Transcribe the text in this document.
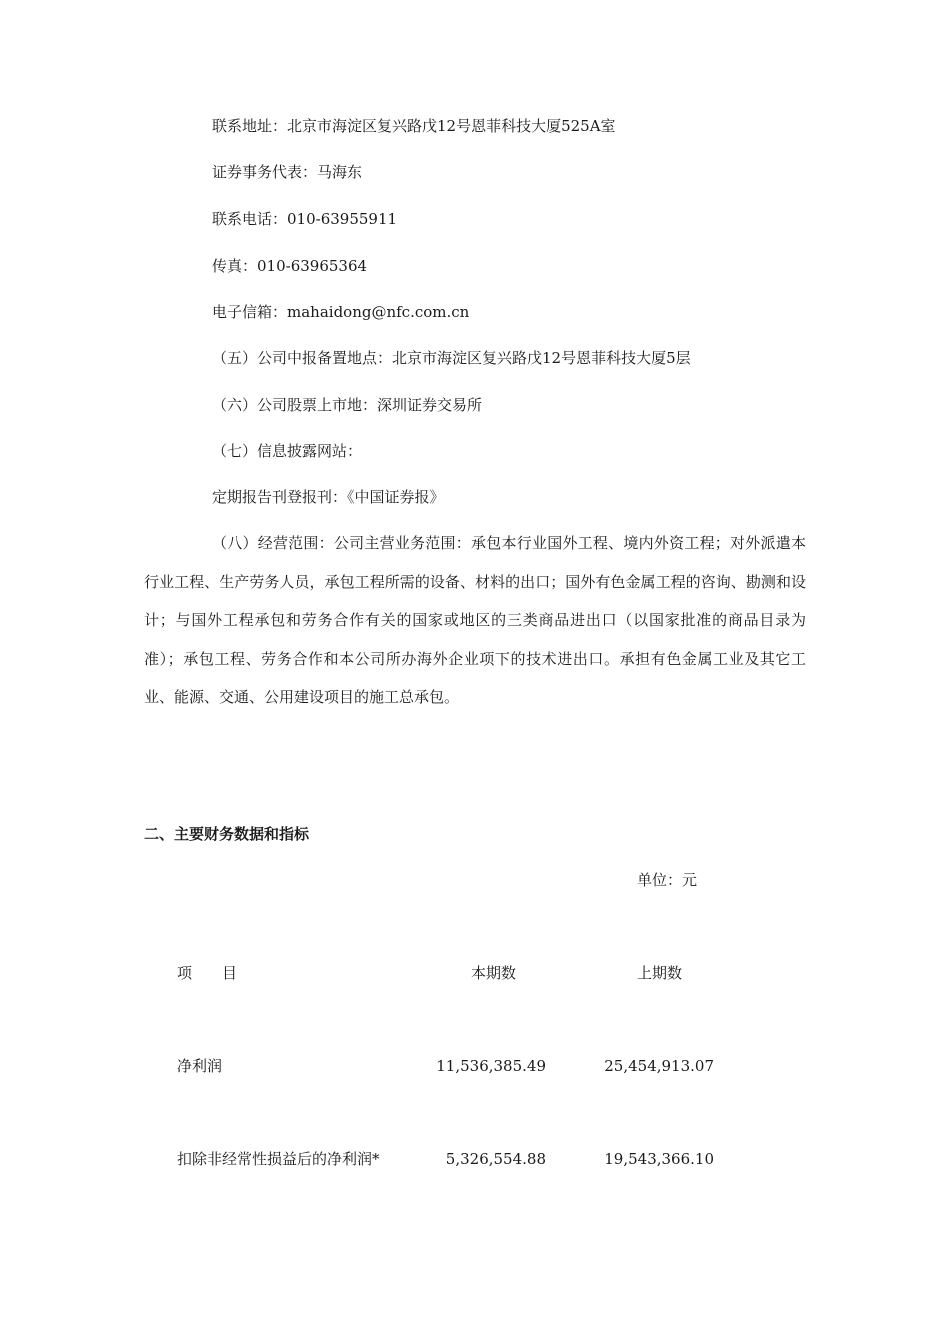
联系地址：北京市海淀区复兴路戊12号恩菲科技大厦525A室
证券事务代表：马海东
联系电话：010-63955911
传真：010-63965364
电子信箱：mahaidong@nfc.com.cn
（五）公司中报备置地点：北京市海淀区复兴路戊12号恩菲科技大厦5层
（六）公司股票上市地：深圳证券交易所
（七）信息披露网站：
定期报告刊登报刊：《中国证券报》
（八）经营范围：公司主营业务范围：承包本行业国外工程、境内外资工程；对外派遣本行业工程、生产劳务人员，承包工程所需的设备、材料的出口；国外有色金属工程的咨询、勘测和设计；与国外工程承包和劳务合作有关的国家或地区的三类商品进出口（以国家批准的商品目录为准）；承包工程、劳务合作和本公司所办海外企业项下的技术进出口。承担有色金属工业及其它工业、能源、交通、公用建设项目的施工总承包。
二、主要财务数据和指标
单位：元
项　　目	本期数	上期数
净利润	11,536,385.49	25,454,913.07
扣除非经常性损益后的净利润*	5,326,554.88	19,543,366.10
